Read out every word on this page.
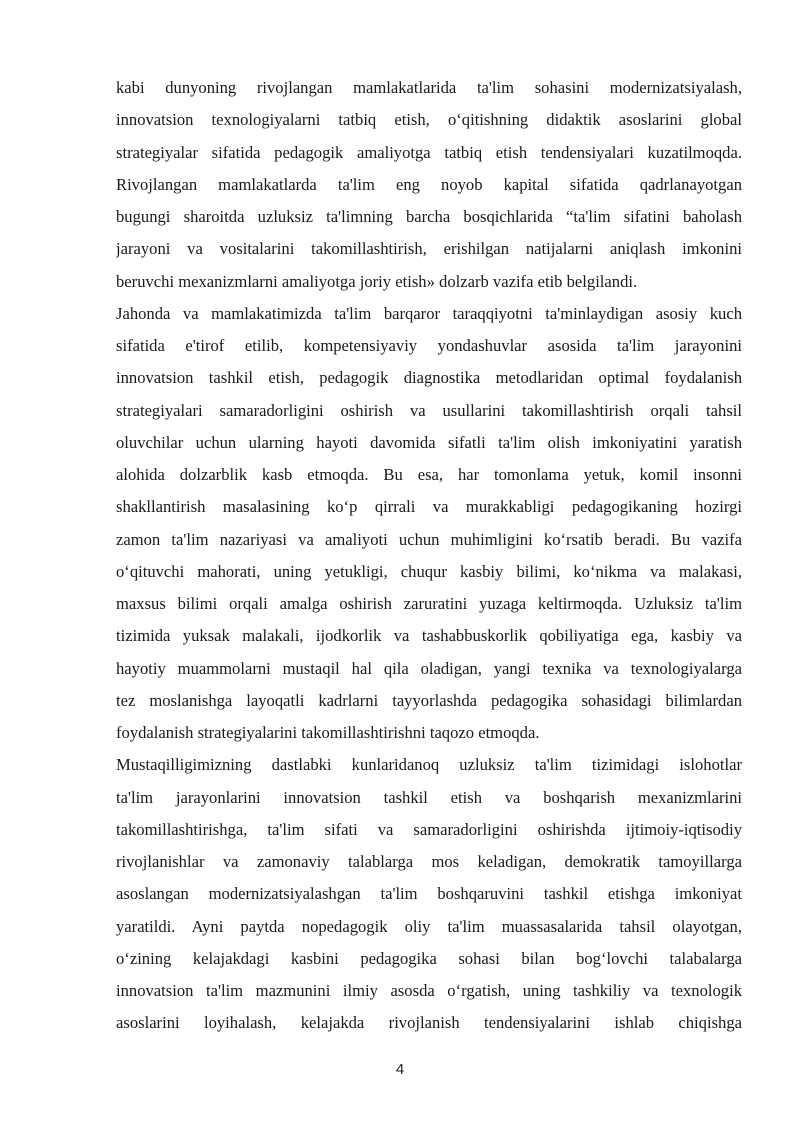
kabi dunyoning rivojlangan mamlakatlarida ta'lim sohasini modernizatsiyalash,
innovatsion texnologiyalarni tatbiq etish, o‘qitishning didaktik asoslarini global
strategiyalar sifatida pedagogik amaliyotga tatbiq etish tendensiyalari kuzatilmoqda.
Rivojlangan mamlakatlarda ta'lim eng noyob kapital sifatida qadrlanayotgan
bugungi sharoitda uzluksiz ta'limning barcha bosqichlarida “ta'lim sifatini baholash
jarayoni va vositalarini takomillashtirish, erishilgan natijalarni aniqlash imkonini
beruvchi mexanizmlarni amaliyotga joriy etish» dolzarb vazifa etib belgilandi.
Jahonda va mamlakatimizda ta'lim barqaror taraqqiyotni ta'minlaydigan asosiy kuch
sifatida e'tirof etilib, kompetensiyaviy yondashuvlar asosida ta'lim jarayonini
innovatsion tashkil etish, pedagogik diagnostika metodlaridan optimal foydalanish
strategiyalari samaradorligini oshirish va usullarini takomillashtirish orqali tahsil
oluvchilar uchun ularning hayoti davomida sifatli ta'lim olish imkoniyatini yaratish
alohida dolzarblik kasb etmoqda. Bu esa, har tomonlama yetuk, komil insonni
shakllantirish masalasining ko‘p qirrali va murakkabligi pedagogikaning hozirgi
zamon ta'lim nazariyasi va amaliyoti uchun muhimligini ko‘rsatib beradi. Bu vazifa
o‘qituvchi mahorati, uning yetukligi, chuqur kasbiy bilimi, ko‘nikma va malakasi,
maxsus bilimi orqali amalga oshirish zaruratini yuzaga keltirmoqda. Uzluksiz ta'lim
tizimida yuksak malakali, ijodkorlik va tashabbuskorlik qobiliyatiga ega, kasbiy va
hayotiy muammolarni mustaqil hal qila oladigan, yangi texnika va texnologiyalarga
tez moslanishga layoqatli kadrlarni tayyorlashda pedagogika sohasidagi bilimlardan
foydalanish strategiyalarini takomillashtirishni taqozo etmoqda.
Mustaqilligimizning dastlabki kunlaridanoq uzluksiz ta'lim tizimidagi islohotlar
ta'lim jarayonlarini innovatsion tashkil etish va boshqarish mexanizmlarini
takomillashtirishga, ta'lim sifati va samaradorligini oshirishda ijtimoiy-iqtisodiy
rivojlanishlar va zamonaviy talablarga mos keladigan, demokratik tamoyillarga
asoslangan modernizatsiyalashgan ta'lim boshqaruvini tashkil etishga imkoniyat
yaratildi. Ayni paytda nopedagogik oliy ta'lim muassasalarida tahsil olayotgan,
o‘zining kelajakdagi kasbini pedagogika sohasi bilan bog‘lovchi talabalarga
innovatsion ta'lim mazmunini ilmiy asosda o‘rgatish, uning tashkiliy va texnologik
asoslarini loyihalash, kelajakda rivojlanish tendensiyalarini ishlab chiqishga
4
